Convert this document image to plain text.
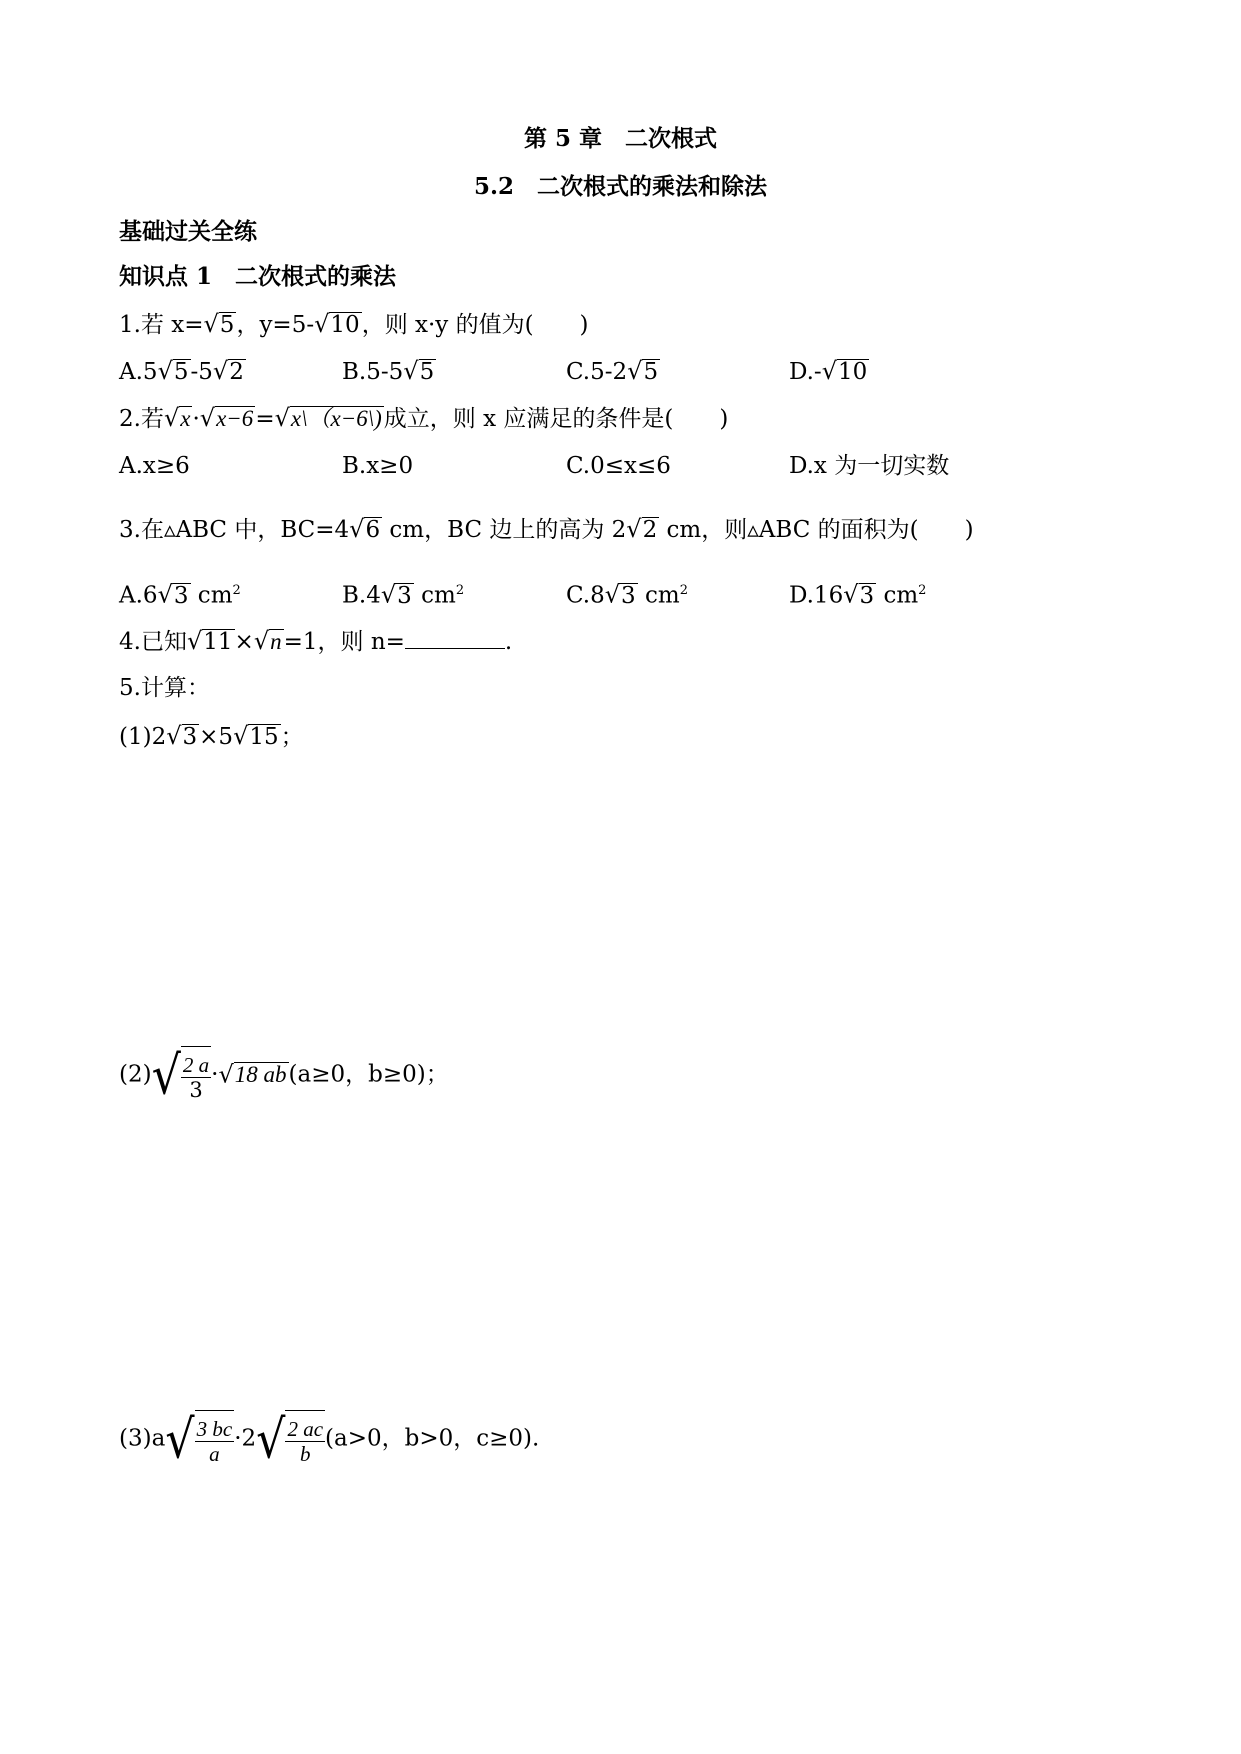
第 5 章　二次根式
5.2　二次根式的乘法和除法
基础过关全练
知识点 1　二次根式的乘法
1.若 x=√5，y=5-√10，则 x·y 的值为(　　)
A.5√5-5√2	B.5-5√5	C.5-2√5	D.-√10
2.若√x·√x−6=√x\（x−6\)成立，则 x 应满足的条件是(　　)
A.x≥6	B.x≥0	C.0≤x≤6	D.x 为一切实数
3.在▵ABC 中，BC=4√6 cm，BC 边上的高为 2√2 cm，则▵ABC 的面积为(　　)
A.6√3 $cm^2$	B.4√3 $cm^2$	C.8√3 $cm^2$	D.16√3 $cm^2$
4.已知√11×√n=1，则 n=	.
5.计算：
(1)2√3×5√15；
$(2)√ \frac{2 a}{3} \cdot√18$ ab(a≥0，b≥0)；
$(3)a√ \frac{3 bc}{a} \cdot 2√ \frac{2 ac}{b} (a>0$，b>0，c≥0).
